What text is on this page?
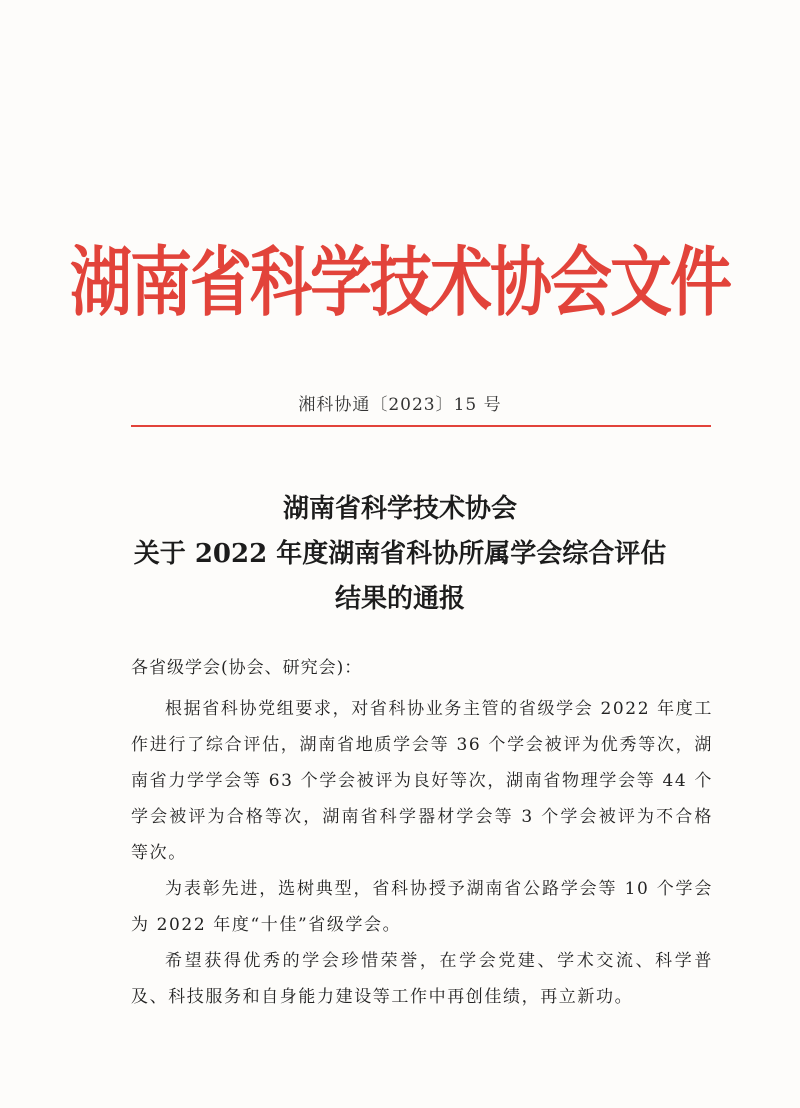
湖南省科学技术协会文件
湘科协通〔2023〕15 号
湖南省科学技术协会
关于 2022 年度湖南省科协所属学会综合评估
结果的通报
各省级学会(协会、研究会)：

根据省科协党组要求，对省科协业务主管的省级学会 2022 年度工作进行了综合评估，湖南省地质学会等 36 个学会被评为优秀等次，湖南省力学学会等 63 个学会被评为良好等次，湖南省物理学会等 44 个学会被评为合格等次，湖南省科学器材学会等 3 个学会被评为不合格等次。

为表彰先进，选树典型，省科协授予湖南省公路学会等 10 个学会为 2022 年度“十佳”省级学会。

希望获得优秀的学会珍惜荣誉，在学会党建、学术交流、科学普及、科技服务和自身能力建设等工作中再创佳绩，再立新功。
